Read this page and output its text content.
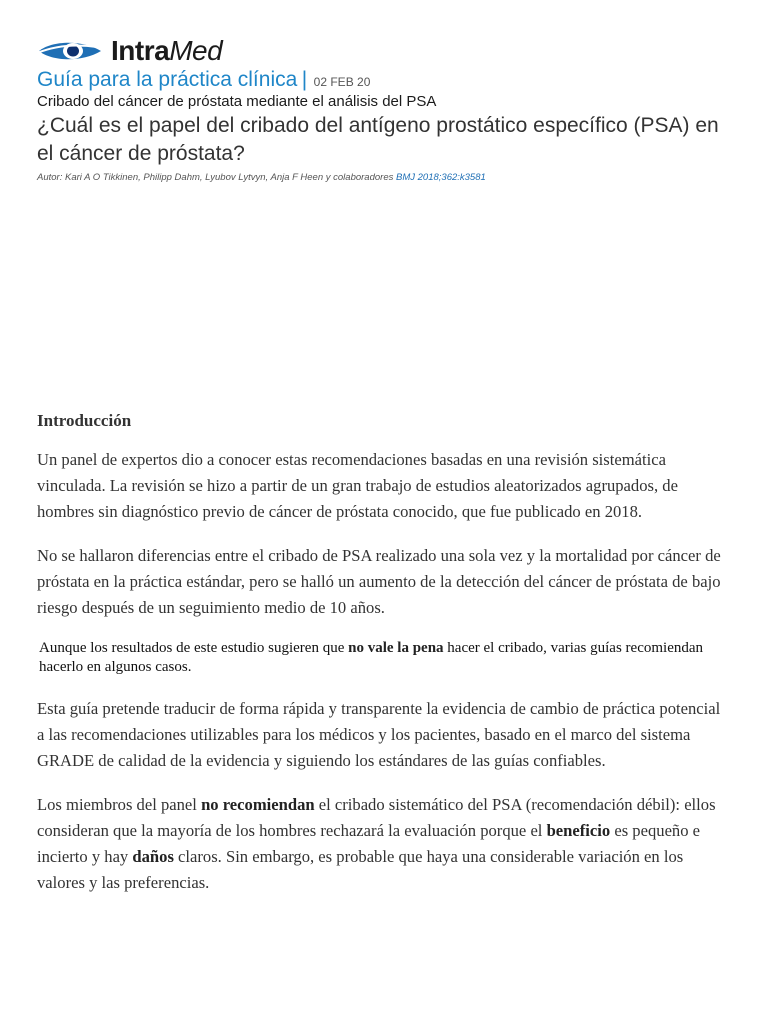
Intra Med
Guía para la práctica clínica | 02 FEB 20
Cribado del cáncer de próstata mediante el análisis del PSA
¿Cuál es el papel del cribado del antígeno prostático específico (PSA) en el cáncer de próstata?
Autor: Kari A O Tikkinen, Philipp Dahm, Lyubov Lytvyn, Anja F Heen y colaboradores BMJ 2018;362:k3581
Introducción

Un panel de expertos dio a conocer estas recomendaciones basadas en una revisión sistemática vinculada. La revisión se hizo a partir de un gran trabajo de estudios aleatorizados agrupados, de hombres sin diagnóstico previo de cáncer de próstata conocido, que fue publicado en 2018.

No se hallaron diferencias entre el cribado de PSA realizado una sola vez y la mortalidad por cáncer de próstata en la práctica estándar, pero se halló un aumento de la detección del cáncer de próstata de bajo riesgo después de un seguimiento medio de 10 años.

Aunque los resultados de este estudio sugieren que no vale la pena hacer el cribado, varias guías recomiendan hacerlo en algunos casos.

Esta guía pretende traducir de forma rápida y transparente la evidencia de cambio de práctica potencial a las recomendaciones utilizables para los médicos y los pacientes, basado en el marco del sistema GRADE de calidad de la evidencia y siguiendo los estándares de las guías confiables.

Los miembros del panel no recomiendan el cribado sistemático del PSA (recomendación débil): ellos consideran que la mayoría de los hombres rechazará la evaluación porque el beneficio es pequeño e incierto y hay daños claros. Sin embargo, es probable que haya una considerable variación en los valores y las preferencias.
